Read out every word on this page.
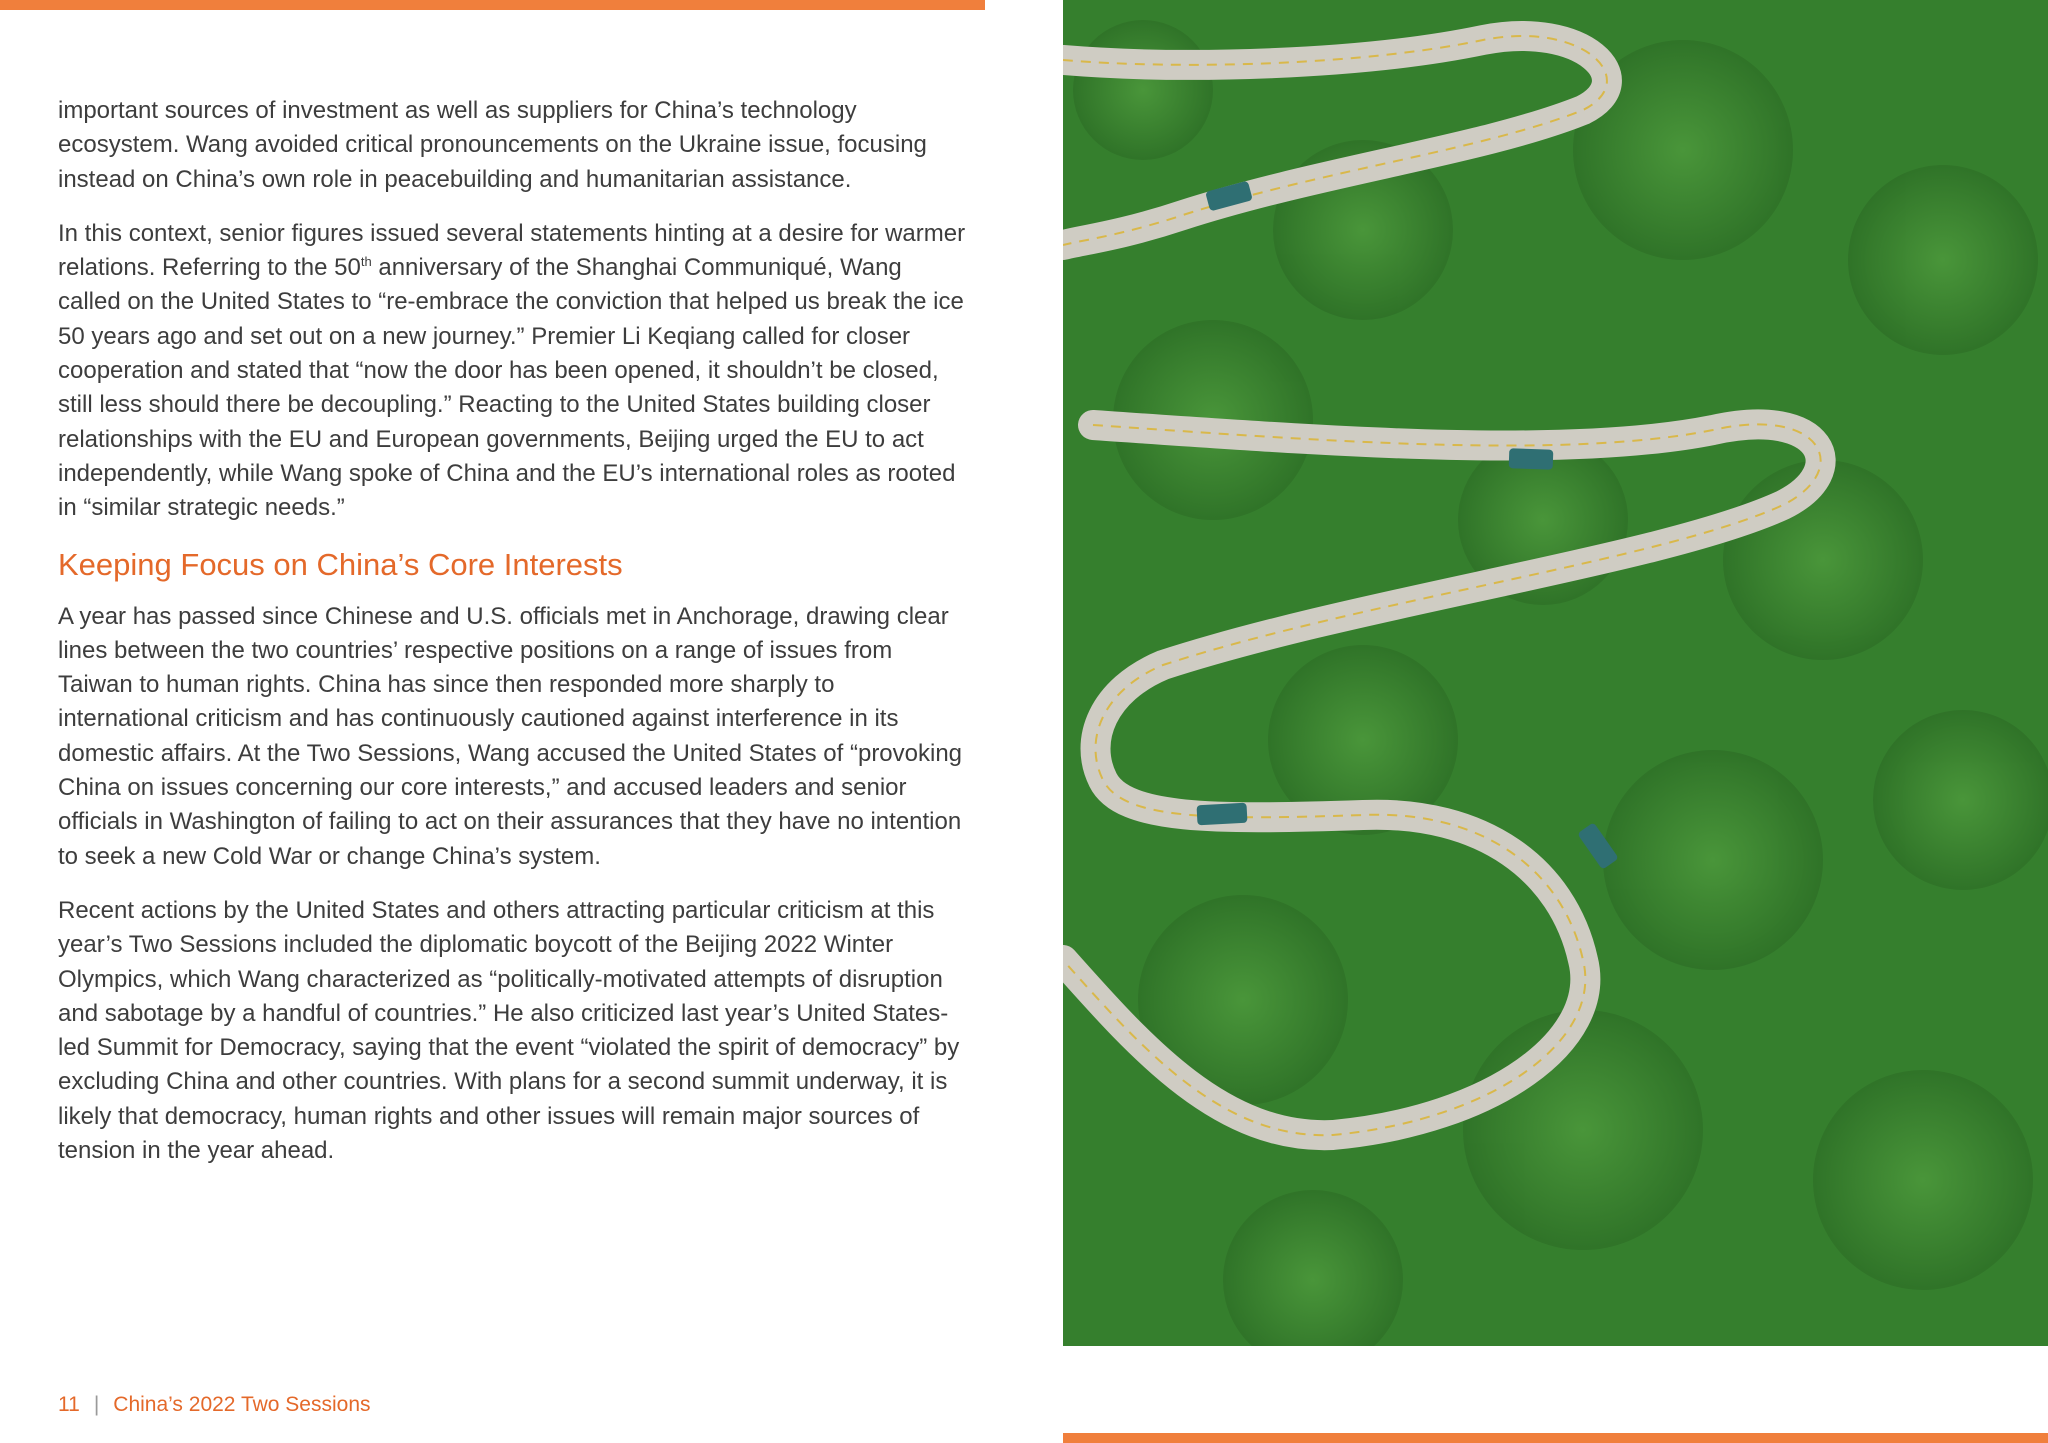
important sources of investment as well as suppliers for China’s technology ecosystem. Wang avoided critical pronouncements on the Ukraine issue, focusing instead on China’s own role in peacebuilding and humanitarian assistance.

In this context, senior figures issued several statements hinting at a desire for warmer relations. Referring to the 50th anniversary of the Shanghai Communiqué, Wang called on the United States to “re-embrace the conviction that helped us break the ice 50 years ago and set out on a new journey.” Premier Li Keqiang called for closer cooperation and stated that “now the door has been opened, it shouldn’t be closed, still less should there be decoupling.” Reacting to the United States building closer relationships with the EU and European governments, Beijing urged the EU to act independently, while Wang spoke of China and the EU’s international roles as rooted in “similar strategic needs.”

Keeping Focus on China’s Core Interests

A year has passed since Chinese and U.S. officials met in Anchorage, drawing clear lines between the two countries’ respective positions on a range of issues from Taiwan to human rights. China has since then responded more sharply to international criticism and has continuously cautioned against interference in its domestic affairs. At the Two Sessions, Wang accused the United States of “provoking China on issues concerning our core interests,” and accused leaders and senior officials in Washington of failing to act on their assurances that they have no intention to seek a new Cold War or change China’s system.

Recent actions by the United States and others attracting particular criticism at this year’s Two Sessions included the diplomatic boycott of the Beijing 2022 Winter Olympics, which Wang characterized as “politically-motivated attempts of disruption and sabotage by a handful of countries.” He also criticized last year’s United States-led Summit for Democracy, saying that the event “violated the spirit of democracy” by excluding China and other countries. With plans for a second summit underway, it is likely that democracy, human rights and other issues will remain major sources of tension in the year ahead.

11 | China’s 2022 Two Sessions
